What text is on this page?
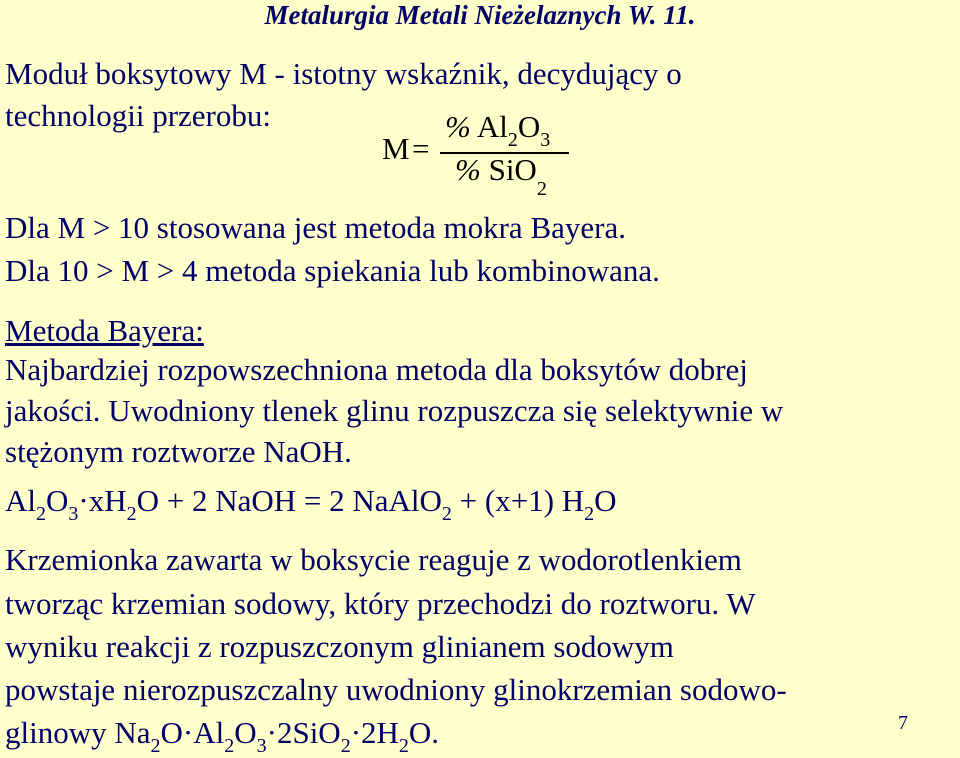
Metalurgia Metali Nieżelaznych W. 11.
Moduł boksytowy M - istotny wskaźnik, decydujący o
technologii przerobu:
M =
% $Al_2O_3$
% SiO$_2$
Dla M > 10 stosowana jest metoda mokra Bayera.
Dla 10 > M > 4 metoda spiekania lub kombinowana.
Metoda Bayera:
Najbardziej rozpowszechniona metoda dla boksytów dobrej
jakości. Uwodniony tlenek glinu rozpuszcza się selektywnie w
stężonym roztworze NaOH.
$Al_2O_3\cdot xH_2O + 2$ NaOH = 2 NaAlO$_2$ + (x+1) $H_2O$
Krzemionka zawarta w boksycie reaguje z wodorotlenkiem
tworząc krzemian sodowy, który przechodzi do roztworu. W
wyniku reakcji z rozpuszczonym glinianem sodowym
powstaje nierozpuszczalny uwodniony glinokrzemian sodowo-
glinowy $Na_2O\cdot Al_2O_3\cdot 2SiO_2\cdot 2H_2O$.	7
